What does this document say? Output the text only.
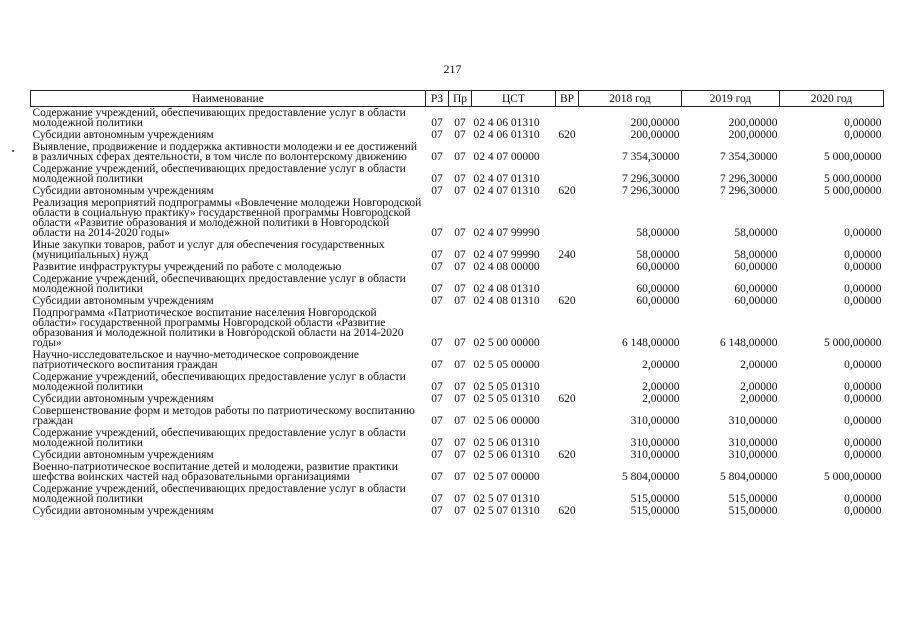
217
Наименование	РЗ	Пр	ЦСТ	ВР	2018 год	2019 год	2020 год
Содержание учреждений, обеспечивающих предоставление услуг в области молодежной политики	07	07	02 4 06 01310		200,00000	200,00000	0,00000
Субсидии автономным учреждениям	07	07	02 4 06 01310	620	200,00000	200,00000	0,00000
Выявление, продвижение и поддержка активности молодежи и ее достижений в различных сферах деятельности, в том числе по волонтерскому движению	07	07	02 4 07 00000		7 354,30000	7 354,30000	5 000,00000
Содержание учреждений, обеспечивающих предоставление услуг в области молодежной политики	07	07	02 4 07 01310		7 296,30000	7 296,30000	5 000,00000
Субсидии автономным учреждениям	07	07	02 4 07 01310	620	7 296,30000	7 296,30000	5 000,00000
Реализация мероприятий подпрограммы «Вовлечение молодежи Новгородской области в социальную практику» государственной программы Новгородской области «Развитие образования и молодежной политики в Новгородской области на 2014-2020 годы»	07	07	02 4 07 99990		58,00000	58,00000	0,00000
Иные закупки товаров, работ и услуг для обеспечения государственных (муниципальных) нужд	07	07	02 4 07 99990	240	58,00000	58,00000	0,00000
Развитие инфраструктуры учреждений по работе с молодежью	07	07	02 4 08 00000		60,00000	60,00000	0,00000
Содержание учреждений, обеспечивающих предоставление услуг в области молодежной политики	07	07	02 4 08 01310		60,00000	60,00000	0,00000
Субсидии автономным учреждениям	07	07	02 4 08 01310	620	60,00000	60,00000	0,00000
Подпрограмма «Патриотическое воспитание населения Новгородской области» государственной программы Новгородской области «Развитие образования и молодежной политики в Новгородской области на 2014-2020 годы»	07	07	02 5 00 00000		6 148,00000	6 148,00000	5 000,00000
Научно-исследовательское и научно-методическое сопровождение патриотического воспитания граждан	07	07	02 5 05 00000		2,00000	2,00000	0,00000
Содержание учреждений, обеспечивающих предоставление услуг в области молодежной политики	07	07	02 5 05 01310		2,00000	2,00000	0,00000
Субсидии автономным учреждениям	07	07	02 5 05 01310	620	2,00000	2,00000	0,00000
Совершенствование форм и методов работы по патриотическому воспитанию граждан	07	07	02 5 06 00000		310,00000	310,00000	0,00000
Содержание учреждений, обеспечивающих предоставление услуг в области молодежной политики	07	07	02 5 06 01310		310,00000	310,00000	0,00000
Субсидии автономным учреждениям	07	07	02 5 06 01310	620	310,00000	310,00000	0,00000
Военно-патриотическое воспитание детей и молодежи, развитие практики шефства воинских частей над образовательными организациями	07	07	02 5 07 00000		5 804,00000	5 804,00000	5 000,00000
Содержание учреждений, обеспечивающих предоставление услуг в области молодежной политики	07	07	02 5 07 01310		515,00000	515,00000	0,00000
Субсидии автономным учреждениям	07	07	02 5 07 01310	620	515,00000	515,00000	0,00000
